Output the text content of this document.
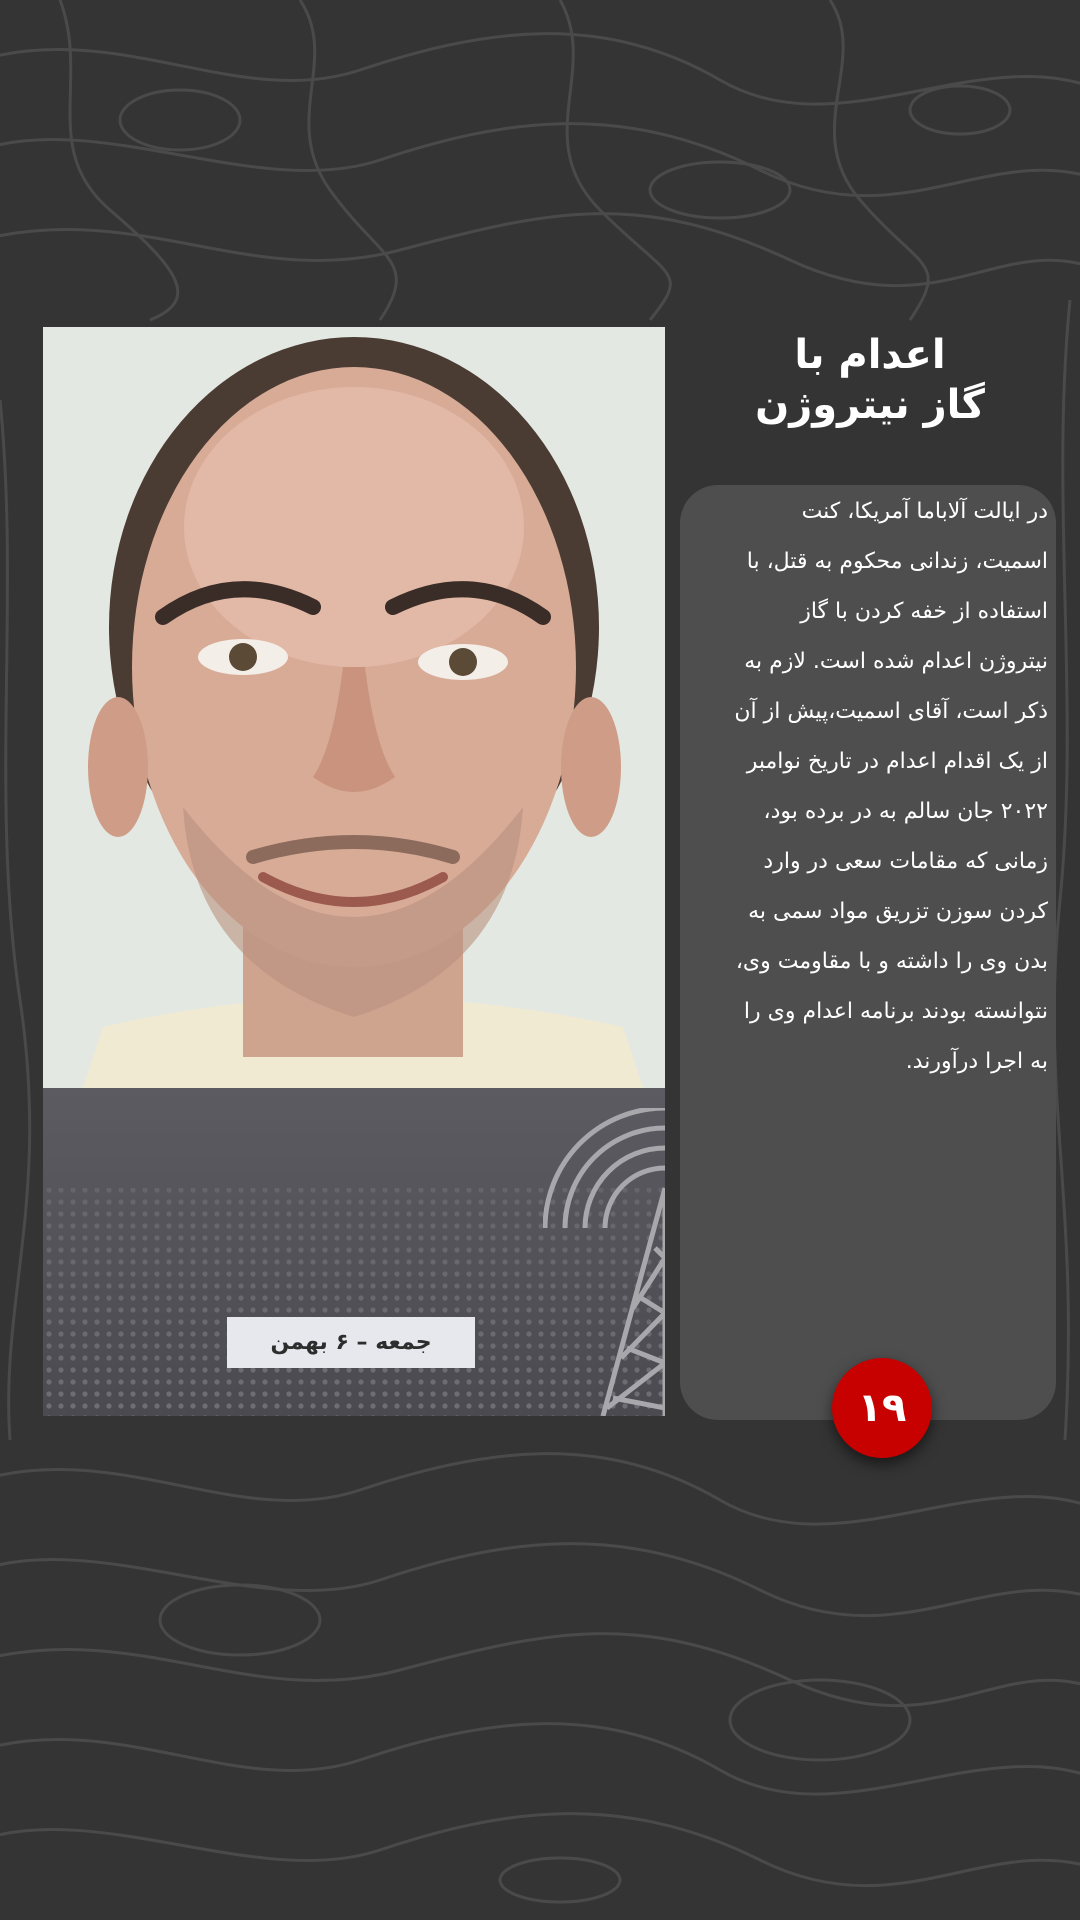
جمعه – ۶ بهمن
اعدام با
گاز نیتروژن
در ایالت آلاباما آمریکا، کنت
اسمیت، زندانی محکوم به قتل، با
استفاده از خفه کردن با گاز
نیتروژن اعدام شده است. لازم به
ذکر است، آقای اسمیت،پیش از آن
از یک اقدام اعدام در تاریخ نوامبر
۲۰۲۲ جان سالم به در برده بود،
زمانی که مقامات سعی در وارد
کردن سوزن تزریق مواد سمی به
بدن وی را داشته و با مقاومت وی،
نتوانسته بودند برنامه اعدام وی را
به اجرا درآورند.
۱۹
